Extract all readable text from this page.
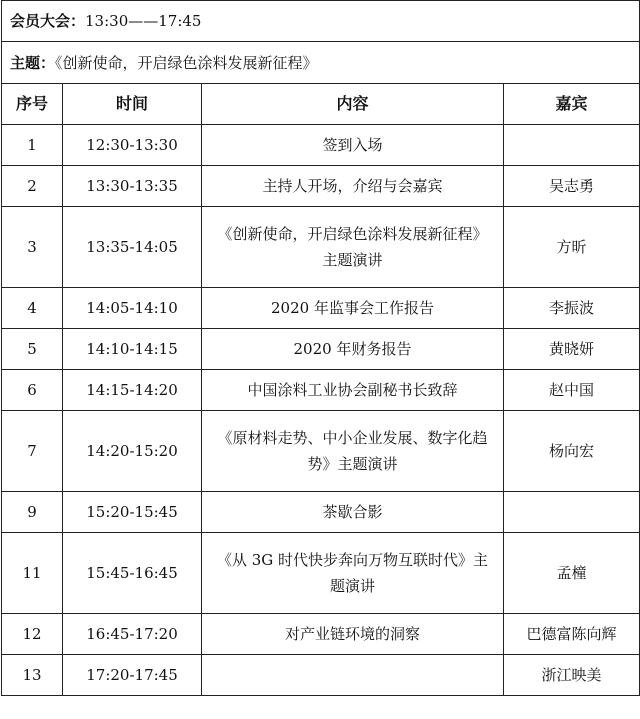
会员大会：13:30——17:45			
主题：《创新使命，开启绿色涂料发展新征程》			
序号	时间	内容	嘉宾
1	12:30-13:30	签到入场	
2	13:30-13:35	主持人开场，介绍与会嘉宾	吴志勇
3	13:35-14:05	《创新使命，开启绿色涂料发展新征程》主题演讲	方昕
4	14:05-14:10	2020 年监事会工作报告	李振波
5	14:10-14:15	2020 年财务报告	黄晓妍
6	14:15-14:20	中国涂料工业协会副秘书长致辞	赵中国
7	14:20-15:20	《原材料走势、中小企业发展、数字化趋势》主题演讲	杨向宏
9	15:20-15:45	茶歇合影	
11	15:45-16:45	《从 3G 时代快步奔向万物互联时代》主题演讲	孟橦
12	16:45-17:20	对产业链环境的洞察	巴德富陈向辉
13	17:20-17:45		浙江映美
